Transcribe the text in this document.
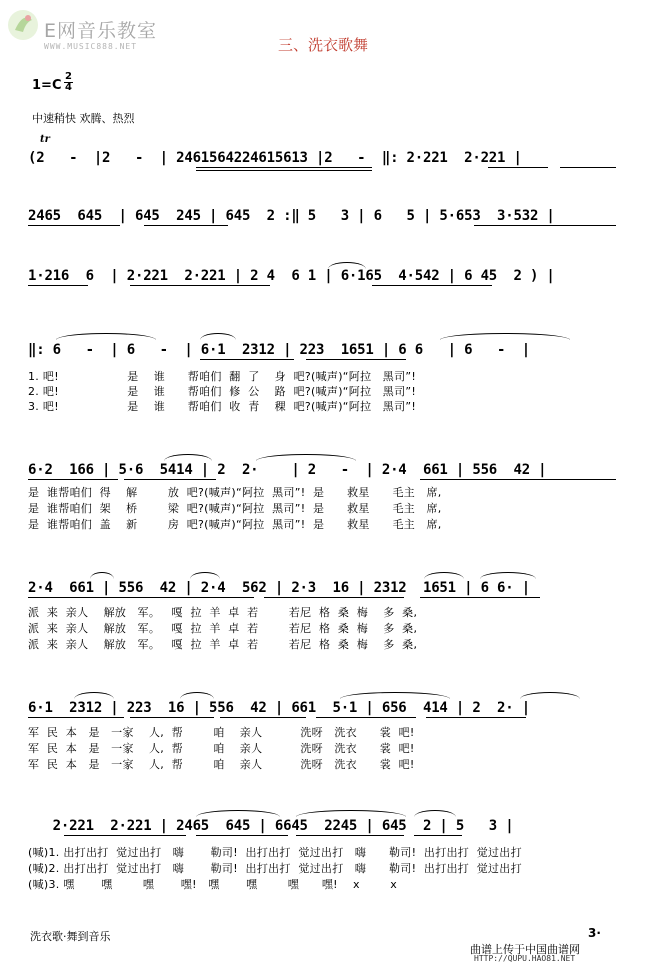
E网音乐教室
WWW.MUSIC888.NET	三、洗衣歌舞
$1=C \frac{2}{4}$
中速稍快 欢腾、热烈
tr
(2   -  |2   -  | 2461564224615613 |2   -  ‖: 2·221  2·221 |
2465  645  | 645  245 | 645  2 :‖ 5   3 | 6   5 | 5·653  3·532 |
1·216  6  | 2·221  2·221 | 2 4  6 1 | 6·165  4·542 | 6 45  2 ) |
‖: 6   -  | 6   -  | 6·1  2312 | 223  1651 | 6 6   | 6   -  |
1. 吧!                  是    谁      帮咱们  翻  了    身  吧?(喊声)“阿拉   黑司”!
2. 吧!                  是    谁      帮咱们  修  公    路  吧?(喊声)“阿拉   黑司”!
3. 吧!                  是    谁      帮咱们  收  青    稞  吧?(喊声)“阿拉   黑司”!
6·2  166 | 5·6  5414 | 2  2·    | 2   -  | 2·4  661 | 556  42 |
是  谁帮咱们  得    解        放  吧?(喊声)“阿拉  黑司”!  是      救星      毛主   席,
是  谁帮咱们  架    桥        梁  吧?(喊声)“阿拉  黑司”!  是      救星      毛主   席,
是  谁帮咱们  盖    新        房  吧?(喊声)“阿拉  黑司”!  是      救星      毛主   席,
2·4  661 | 556  42 | 2·4  562 | 2·3  16 | 2312  1651 | 6 6· |
派  来  亲人    解放   军。   嘎  拉  羊  卓  若        若尼  格  桑  梅    多  桑,
派  来  亲人    解放   军。   嘎  拉  羊  卓  若        若尼  格  桑  梅    多  桑,
派  来  亲人    解放   军。   嘎  拉  羊  卓  若        若尼  格  桑  梅    多  桑,
6·1  2312 | 223  16 | 556  42 | 661  5·1 | 656  414 | 2  2· |
军  民  本   是   一家    人,  帮        咱    亲人          洗呀   洗衣      裳  吧!
军  民  本   是   一家    人,  帮        咱    亲人          洗呀   洗衣      裳  吧!
军  民  本   是   一家    人,  帮        咱    亲人          洗呀   洗衣      裳  吧!
2·221  2·221 | 2465  645 | 6645  2245 | 645  2 | 5   3 |
(喊)1. 出打出打  觉过出打   嗨       勒司!  出打出打  觉过出打   嗨      勒司!  出打出打  觉过出打
(喊)2. 出打出打  觉过出打   嗨       勒司!  出打出打  觉过出打   嗨      勒司!  出打出打  觉过出打
(喊)3. 嘿       嘿        嘿       嘿!   嘿       嘿        嘿      嘿!    x        x
洗衣歌·舞到音乐	3·
曲谱上传于中国曲谱网
HTTP://QUPU.HAO81.NET
